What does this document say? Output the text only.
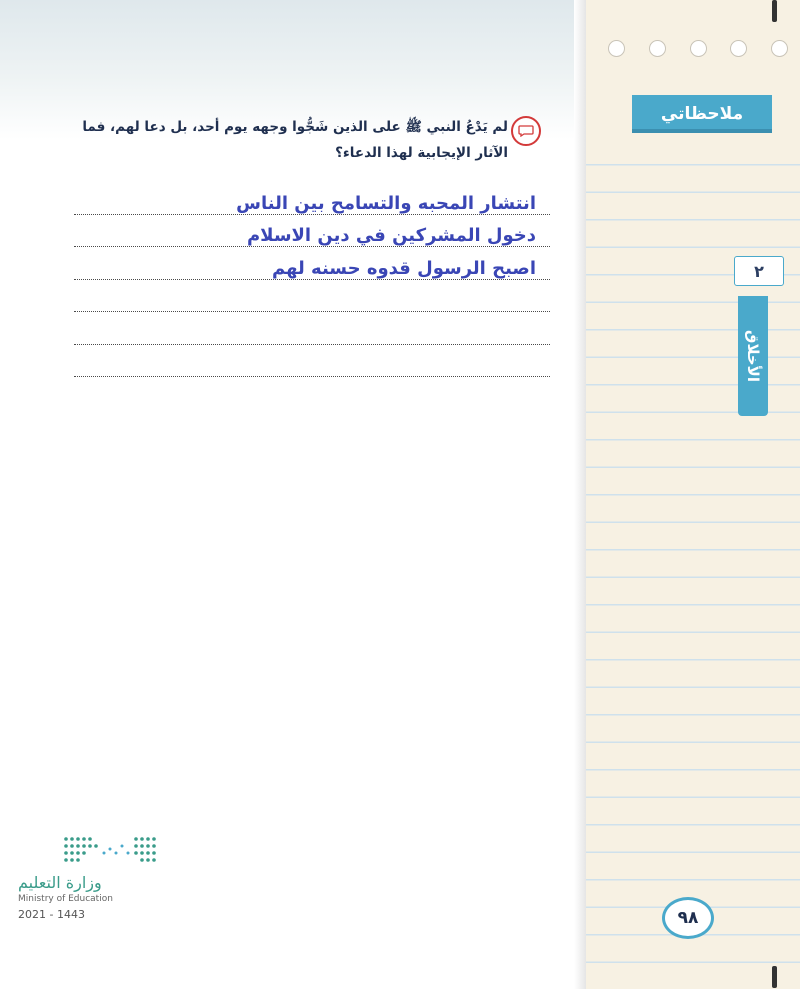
ملاحظاتي
٢
الأخلاق
٩٨
لم يَدْعُ النبي ﷺ على الذين شَجُّوا وجهه يوم أحد، بل دعا لهم، فما الآثار الإيجابية لهذا الدعاء؟
انتشار المحبه والتسامح بين الناس
دخول المشركين في دين الاسلام
اصبح الرسول قدوه حسنه لهم
وزارة التعليم
Ministry of Education
2021 - 1443
